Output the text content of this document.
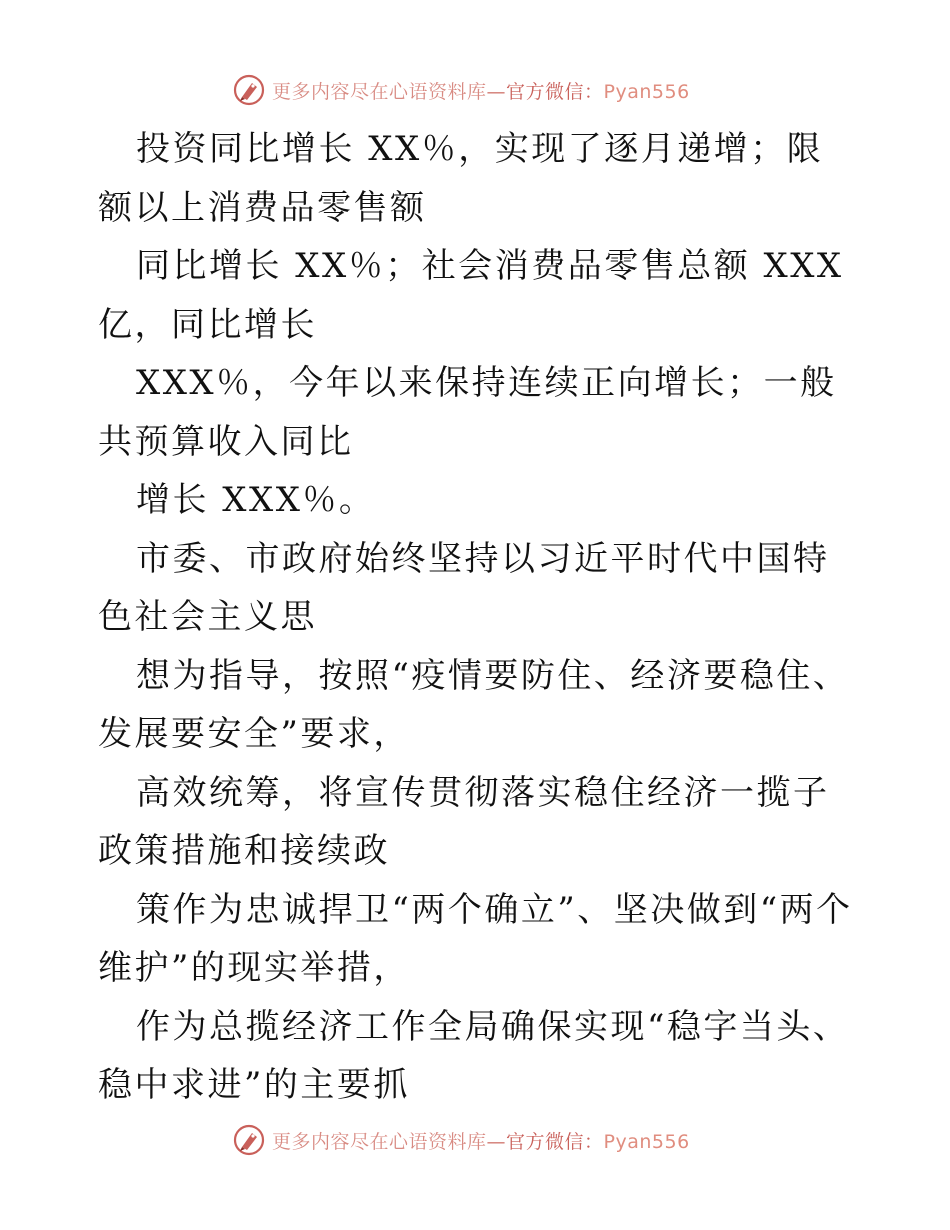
更多内容尽在心语资料库—官方微信：Pyan556

投资同比增长 XX％，实现了逐月递增；限额以上消费品零售额

同比增长 XX％；社会消费品零售总额 XXX 亿，同比增长

XXX％，今年以来保持连续正向增长；一般共预算收入同比

增长 XXX％。

市委、市政府始终坚持以习近平时代中国特色社会主义思

想为指导，按照“疫情要防住、经济要稳住、发展要安全”要求，

高效统筹，将宣传贯彻落实稳住经济一揽子政策措施和接续政

策作为忠诚捍卫“两个确立”、坚决做到“两个维护”的现实举措，

作为总揽经济工作全局确保实现“稳字当头、稳中求进”的主要抓

更多内容尽在心语资料库—官方微信：Pyan556
